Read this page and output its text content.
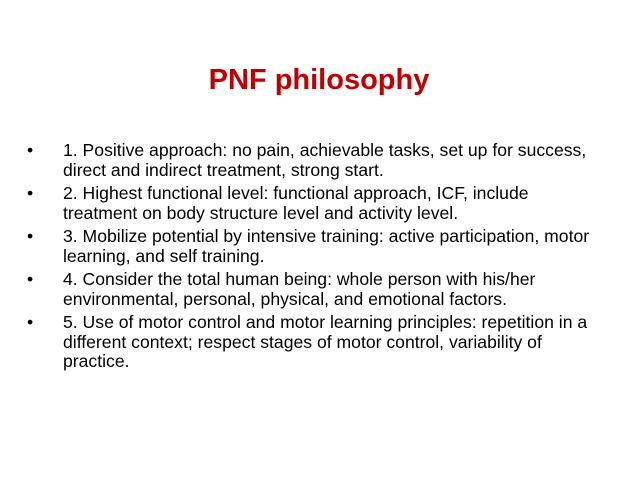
PNF philosophy
•	1. Positive approach: no pain, achievable tasks, set up for success, direct and indirect treatment, strong start.
•	2. Highest functional level: functional approach, ICF, include treatment on body structure level and activity level.
•	3. Mobilize potential by intensive training: active participation, motor learning, and self training.
•	4. Consider the total human being: whole person with his/her environmental, personal, physical, and emotional factors.
•	5. Use of motor control and motor learning principles: repetition in a different context; respect stages of motor control, variability of practice.
